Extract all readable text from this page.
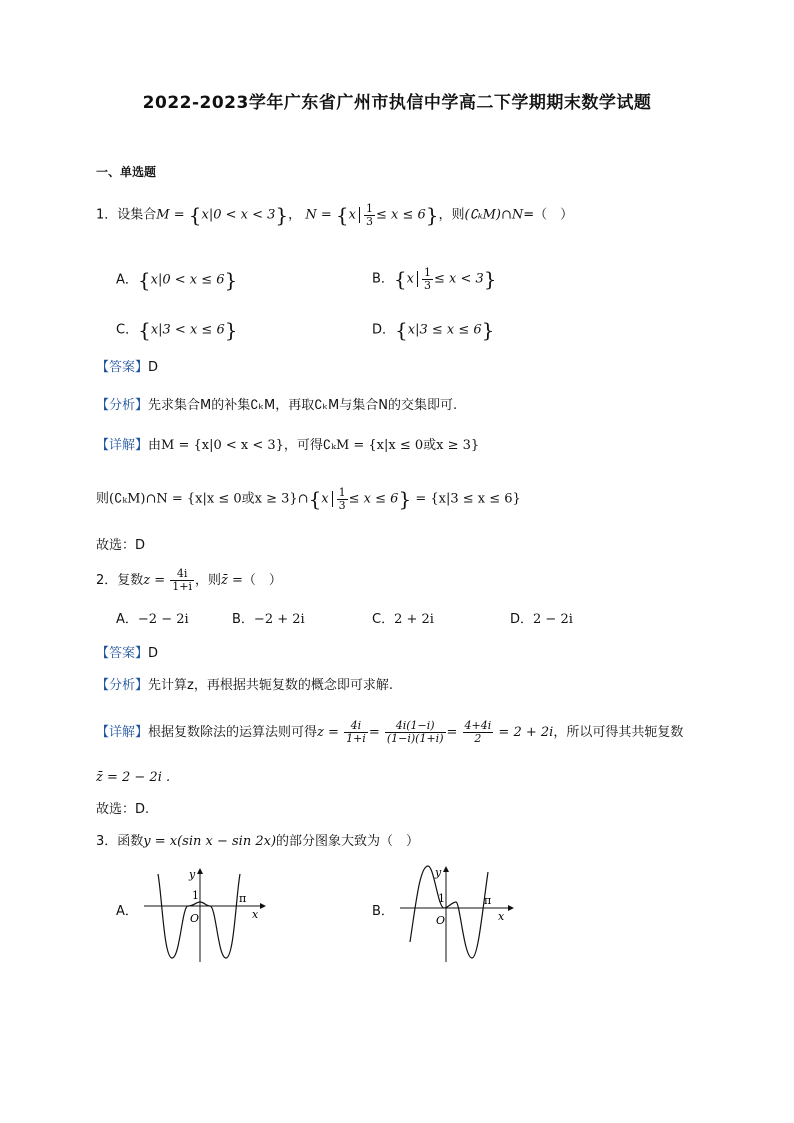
2022-2023学年广东省广州市执信中学高二下学期期末数学试题
一、单选题
1．设集合M = {x|0 < x < 3}， $N = \{x \frac{1}{3} \le x \le 6\}$，则(∁ₖM)∩N=（　）
A．{x|0 < x ≤ 6}	B．$\{x \frac{1}{3} \le x < 3\}$
C．{x|3 < x ≤ 6}	D．{x|3 ≤ x ≤ 6}
【答案】D
【分析】先求集合M的补集∁ₖM，再取∁ₖM与集合N的交集即可.
【详解】由M = {x|0 < x < 3}，可得∁ₖM = {x|x ≤ 0或x ≥ 3}
则(∁ₖM)∩N = {x|x ≤ 0或x ≥ 3}∩{x $\frac{1}{3} \le x \le 6\} = \{x|3 \le x \le 6\}$
故选：D
2．复数$z = \frac{4i}{1+i}$ ，则z̄ =（　）
A．−2 − 2i	B．−2 + 2i	C．2 + 2i	D．2 − 2i
【答案】D
【分析】先计算z，再根据共轭复数的概念即可求解.
【详解】根据复数除法的运算法则可得$z = \frac{4i}{1+i} = \frac{4i(1-i)}{(1-i)(1+i)} = \frac{4+4i}{2} = 2 + 2i$，所以可得其共轭复数
z̄ = 2 − 2i .
故选：D.
3．函数y = x(sin x − sin 2x)的部分图象大致为（　）
A．
y
1
O
π
x	B．
y
1
O
π
x
